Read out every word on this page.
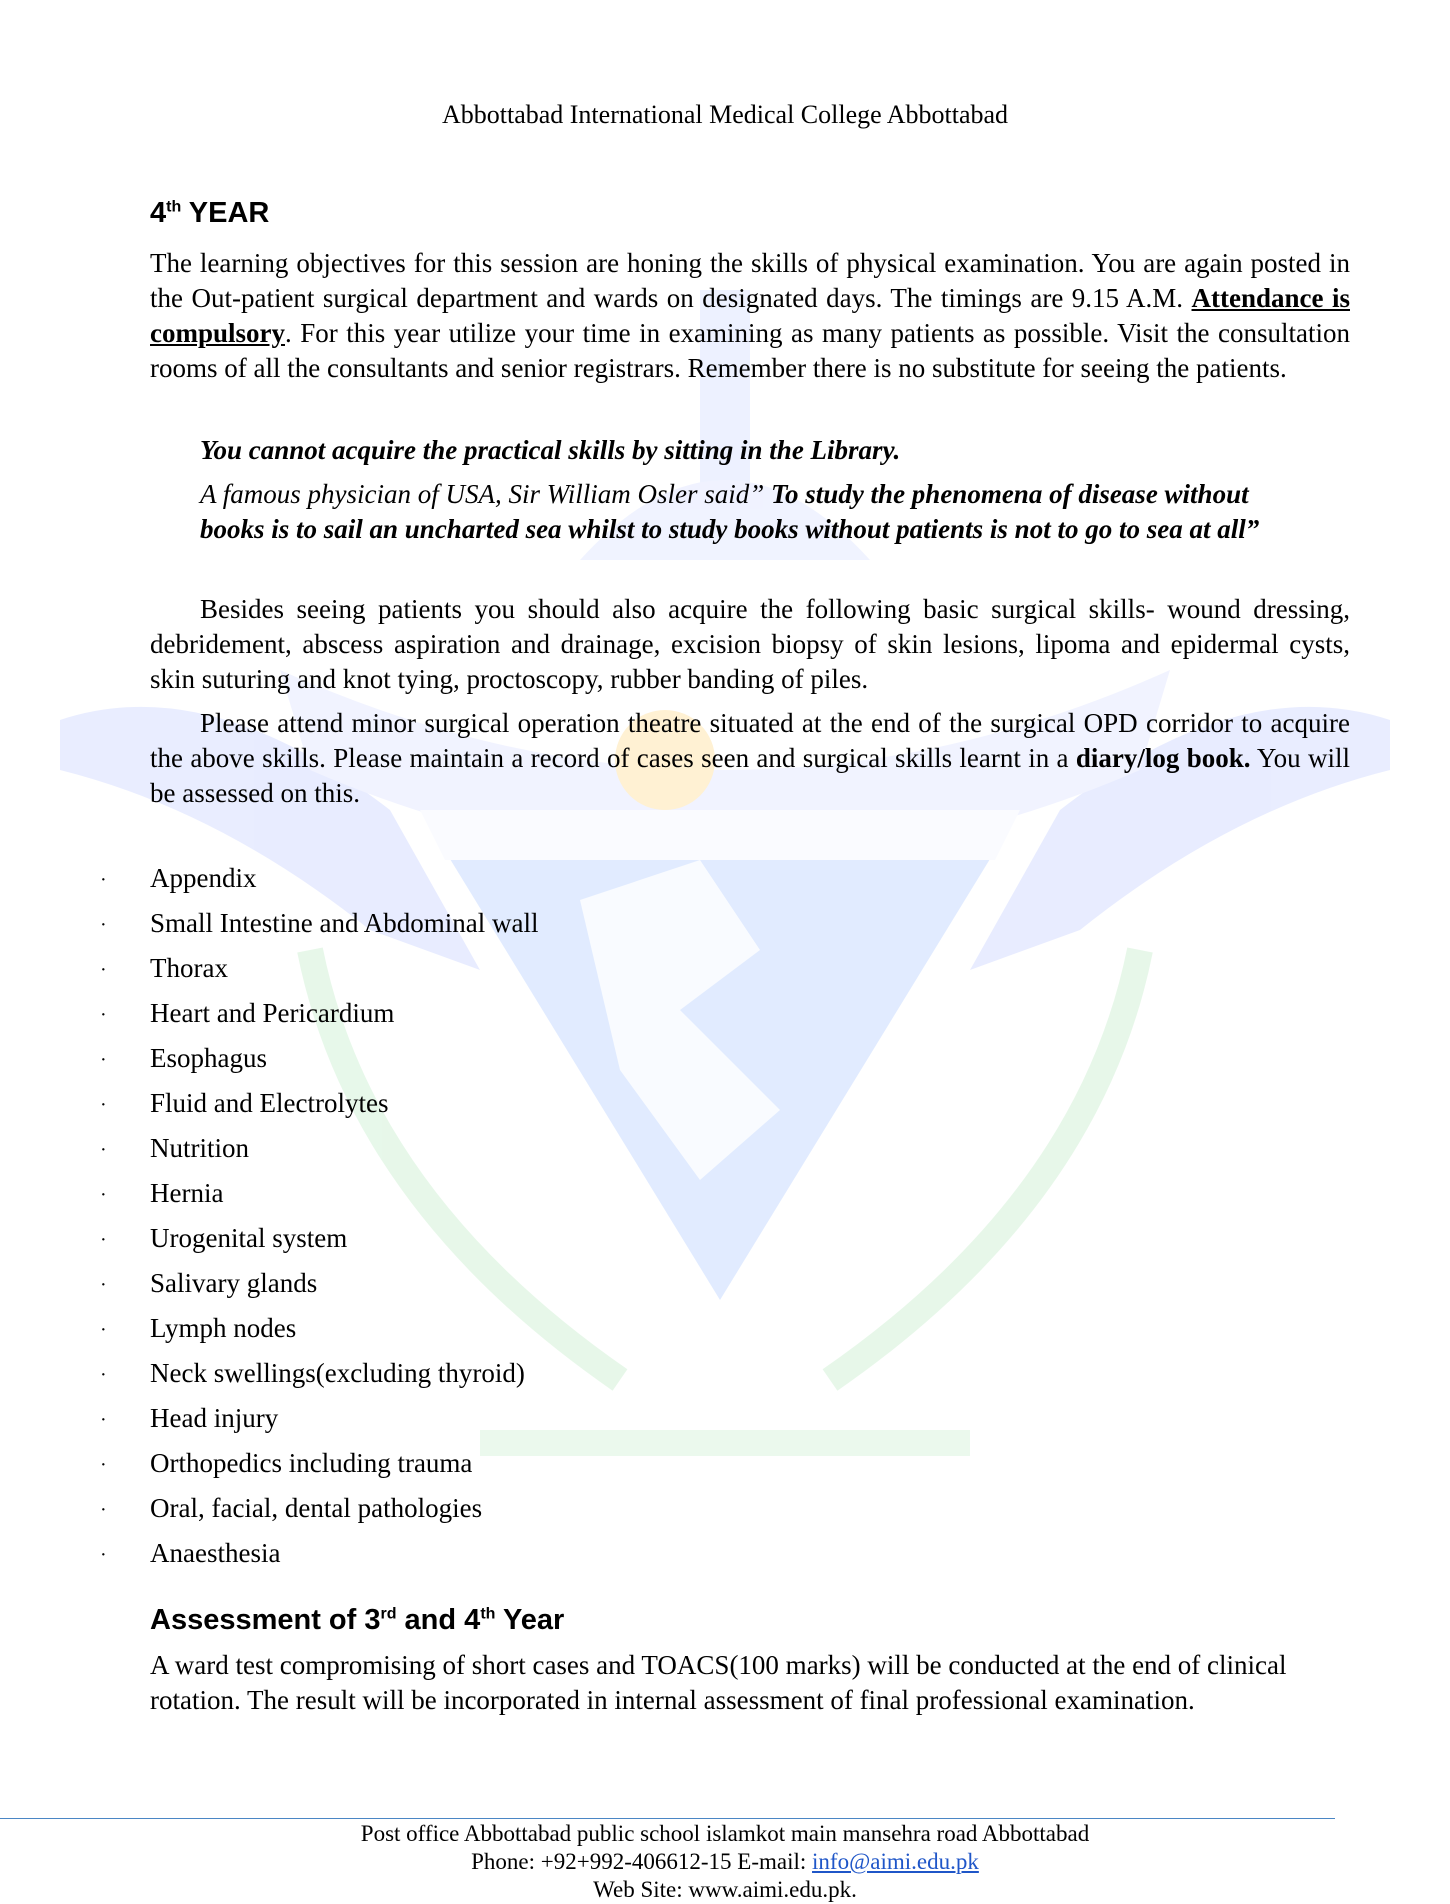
Abbottabad International Medical College Abbottabad
4th YEAR
The learning objectives for this session are honing the skills of physical examination. You are again posted in the Out-patient surgical department and wards on designated days. The timings are 9.15 A.M. Attendance is compulsory. For this year utilize your time in examining as many patients as possible. Visit the consultation rooms of all the consultants and senior registrars. Remember there is no substitute for seeing the patients.
You cannot acquire the practical skills by sitting in the Library.
A famous physician of USA, Sir William Osler said” To study the phenomena of disease without books is to sail an uncharted sea whilst to study books without patients is not to go to sea at all”
Besides seeing patients you should also acquire the following basic surgical skills- wound dressing, debridement, abscess aspiration and drainage, excision biopsy of skin lesions, lipoma and epidermal cysts, skin suturing and knot tying, proctoscopy, rubber banding of piles.
Please attend minor surgical operation theatre situated at the end of the surgical OPD corridor to acquire the above skills. Please maintain a record of cases seen and surgical skills learnt in a diary/log book. You will be assessed on this.
· Appendix
· Small Intestine and Abdominal wall
· Thorax
· Heart and Pericardium
· Esophagus
· Fluid and Electrolytes
· Nutrition
· Hernia
· Urogenital system
· Salivary glands
· Lymph nodes
· Neck swellings(excluding thyroid)
· Head injury
· Orthopedics including trauma
· Oral, facial, dental pathologies
· Anaesthesia
Assessment of 3rd and 4th Year
A ward test compromising of short cases and TOACS(100 marks) will be conducted at the end of clinical rotation. The result will be incorporated in internal assessment of final professional examination.
Post office Abbottabad public school islamkot main mansehra road Abbottabad
Phone: +92+992-406612-15 E-mail: info@aimi.edu.pk
Web Site: www.aimi.edu.pk.
